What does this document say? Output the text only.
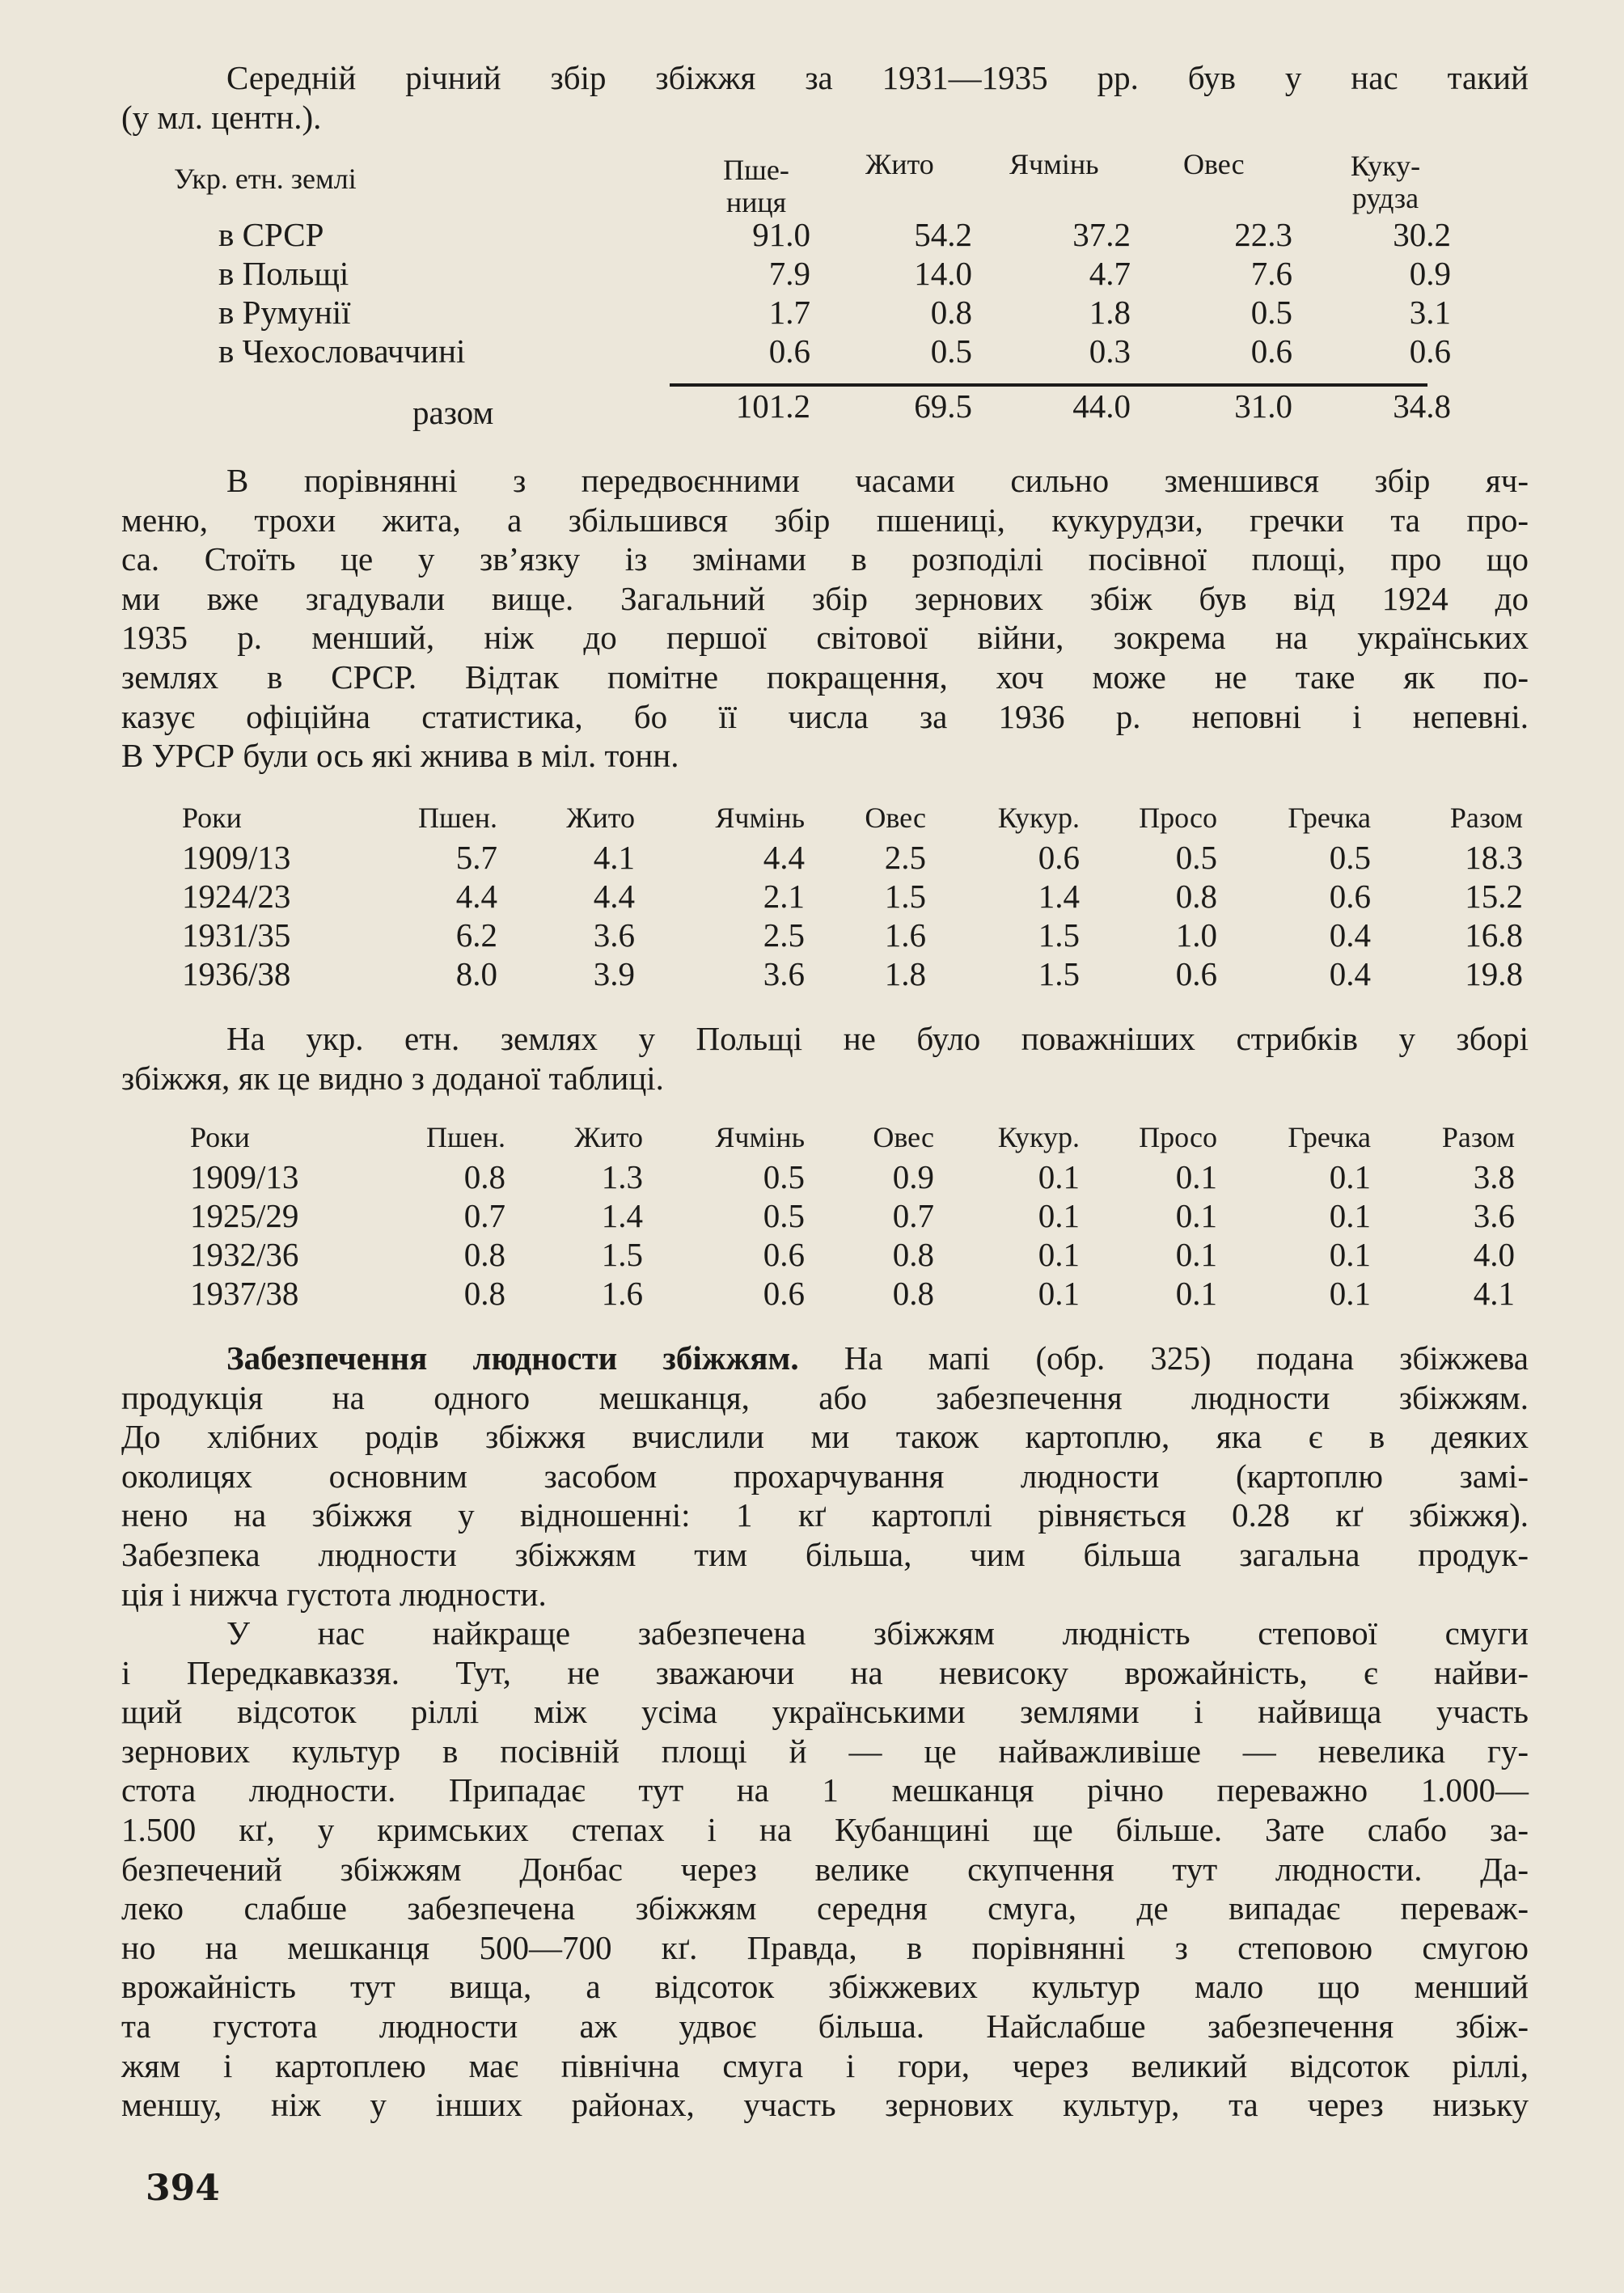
Середній річний збір збіжжя за 1931—1935 рр. був у нас такий
(у мл. центн.).
Укр. етн. землі	Пше-
ниця
Жито	Ячмінь	Овес	Куку-
рудза
в СРСР	91.0	54.2	37.2	22.3	30.2
в Польщі	7.9	14.0	4.7	7.6	0.9
в Румунії	1.7	0.8	1.8	0.5	3.1
в Чехословаччині	0.6	0.5	0.3	0.6	0.6
разом	101.2	69.5	44.0	31.0	34.8
В порівнянні з передвоєнними часами сильно зменшився збір яч-
меню, трохи жита, а збільшився збір пшениці, кукурудзи, гречки та про-
са. Стоїть це у зв’язку із змінами в розподілі посівної площі, про що
ми вже згадували вище. Загальний збір зернових збіж був від 1924 до
1935 р. менший, ніж до першої світової війни, зокрема на українських
землях в СРСР. Відтак помітне покращення, хоч може не таке як по-
казує офіційна статистика, бо її числа за 1936 р. неповні і непевні.
В УРСР були ось які жнива в міл. тонн.
Роки	Пшен.	Жито	Ячмінь	Овес	Кукур.	Просо	Гречка	Разом
1909/13	5.7	4.1	4.4	2.5	0.6	0.5	0.5	18.3
1924/23	4.4	4.4	2.1	1.5	1.4	0.8	0.6	15.2
1931/35	6.2	3.6	2.5	1.6	1.5	1.0	0.4	16.8
1936/38	8.0	3.9	3.6	1.8	1.5	0.6	0.4	19.8
На укр. етн. землях у Польщі не було поважніших стрибків у зборі
збіжжя, як це видно з доданої таблиці.
Роки	Пшен.	Жито	Ячмінь	Овес	Кукур.	Просо	Гречка	Разом
1909/13	0.8	1.3	0.5	0.9	0.1	0.1	0.1	3.8
1925/29	0.7	1.4	0.5	0.7	0.1	0.1	0.1	3.6
1932/36	0.8	1.5	0.6	0.8	0.1	0.1	0.1	4.0
1937/38	0.8	1.6	0.6	0.8	0.1	0.1	0.1	4.1
Забезпечення людности збіжжям. На мапі (обр. 325) подана збіжжева
продукція на одного мешканця, або забезпечення людности збіжжям.
До хлібних родів збіжжя вчислили ми також картоплю, яка є в деяких
околицях основним засобом прохарчування людности (картоплю замі-
нено на збіжжя у відношенні: 1 кґ картоплі рівняється 0.28 кґ збіжжя).
Забезпека людности збіжжям тим більша, чим більша загальна продук-
ція і нижча густота людности.
У нас найкраще забезпечена збіжжям людність степової смуги
і Передкавказзя. Тут, не зважаючи на невисоку врожайність, є найви-
щий відсоток ріллі між усіма українськими землями і найвища участь
зернових культур в посівній площі й — це найважливіше — невелика гу-
стота людности. Припадає тут на 1 мешканця річно переважно 1.000—
1.500 кґ, у кримських степах і на Кубанщині ще більше. Зате слабо за-
безпечений збіжжям Донбас через велике скупчення тут людности. Да-
леко слабше забезпечена збіжжям середня смуга, де випадає перевaж-
но на мешканця 500—700 кґ. Правда, в порівнянні з степовою смугою
врожайність тут вища, а відсоток збіжжевих культур мало що менший
та густота людности аж удвоє більша. Найслабше забезпечення збіж-
жям і картоплею має північна смуга і гори, через великий відсоток ріллі,
меншу, ніж у інших районах, участь зернових культур, та через низьку
394
